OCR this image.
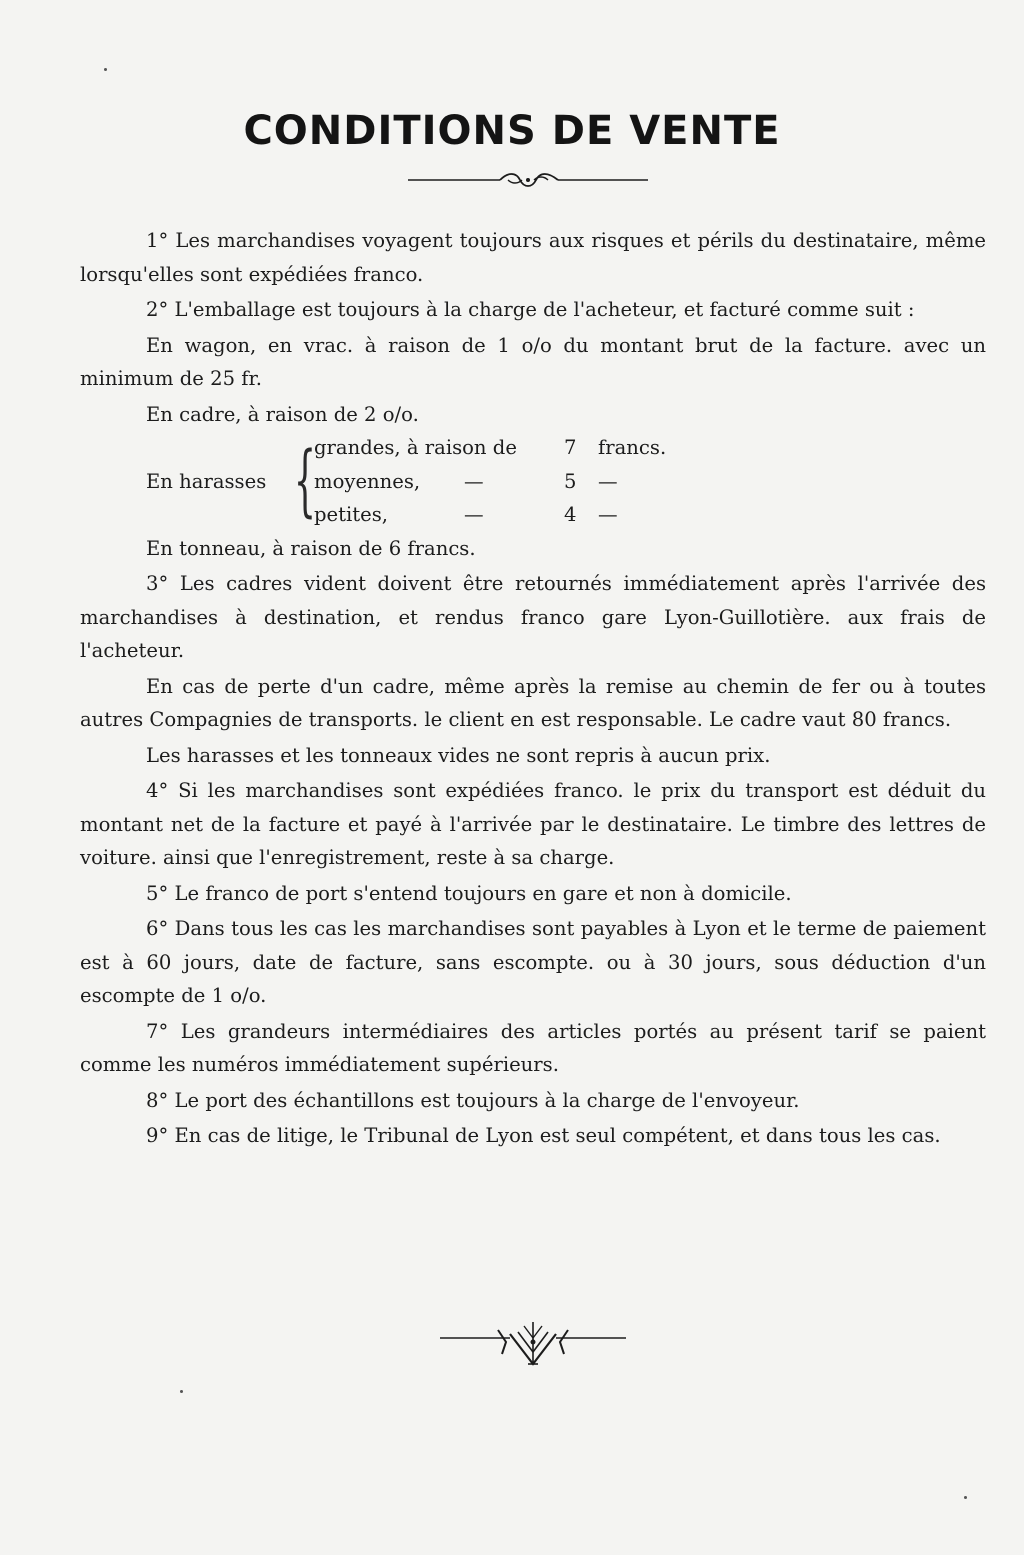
CONDITIONS DE VENTE

1° Les marchandises voyagent toujours aux risques et périls du destinataire, même lorsqu'elles sont expédiées franco.

2° L'emballage est toujours à la charge de l'acheteur, et facturé comme suit :

En wagon, en vrac. à raison de 1 o/o du montant brut de la facture. avec un minimum de 25 fr.

En cadre, à raison de 2 o/o.

En harasses {
grandes, à raison de	7	francs.
moyennes,	—	5	—
petites,	—	4	—

En tonneau, à raison de 6 francs.

3° Les cadres vident doivent être retournés immédiatement après l'arrivée des marchandises à destination, et rendus franco gare Lyon-Guillotière. aux frais de l'acheteur.

En cas de perte d'un cadre, même après la remise au chemin de fer ou à toutes autres Compagnies de transports. le client en est responsable. Le cadre vaut 80 francs.

Les harasses et les tonneaux vides ne sont repris à aucun prix.

4° Si les marchandises sont expédiées franco. le prix du transport est déduit du montant net de la facture et payé à l'arrivée par le destinataire. Le timbre des lettres de voiture. ainsi que l'enregistrement, reste à sa charge.

5° Le franco de port s'entend toujours en gare et non à domicile.

6° Dans tous les cas les marchandises sont payables à Lyon et le terme de paiement est à 60 jours, date de facture, sans escompte. ou à 30 jours, sous déduction d'un escompte de 1 o/o.

7° Les grandeurs intermédiaires des articles portés au présent tarif se paient comme les numéros immédiatement supérieurs.

8° Le port des échantillons est toujours à la charge de l'envoyeur.

9° En cas de litige, le Tribunal de Lyon est seul compétent, et dans tous les cas.
